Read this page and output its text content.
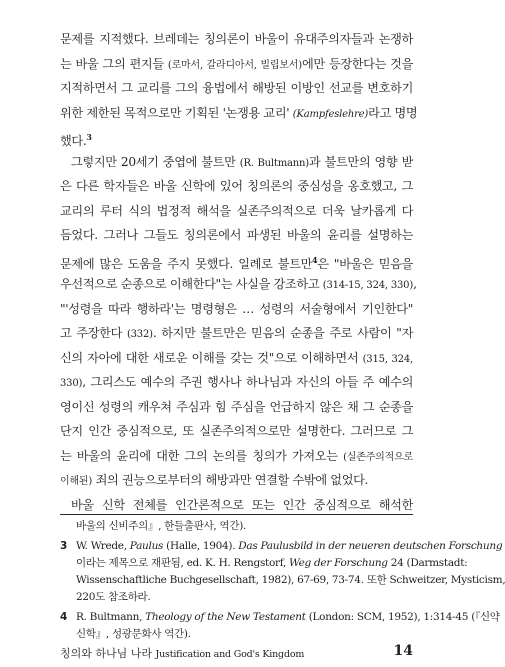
문제를 지적했다. 브레데는 칭의론이 바울이 유대주의자들과 논쟁하
는 바울 그의 편지들 (로마서, 갈라디아서, 빌립보서)에만 등장한다는 것을
지적하면서 그 교리를 그의 융법에서 해방된 이방인 선교를 변호하기
위한 제한된 목적으로만 기획된 '논쟁용 교리' (Kampfeslehre)라고 명명
했다.$^3$
그렇지만 20세기 중엽에 불트만 (R. Bultmann)과 불트만의 영향 받
은 다른 학자들은 바울 신학에 있어 칭의론의 중심성을 옹호했고, 그
교리의 루터 식의 법정적 해석을 실존주의적으로 더욱 날카롭게 다
듬었다. 그러나 그들도 칭의론에서 파생된 바울의 윤리를 설명하는
문제에 많은 도움을 주지 못했다. 일례로 불트만$^4$은 "바울은 믿음을
우선적으로 순종으로 이해한다"는 사실을 강조하고 (314-15, 324, 330),
"'성령을 따라 행하라'는 명령형은 … 성령의 서술형에서 기인한다"
고 주장한다 (332). 하지만 불트만은 믿음의 순종을 주로 사람이 "자
신의 자아에 대한 새로운 이해를 갖는 것"으로 이해하면서 (315, 324,
330), 그리스도 예수의 주권 행사나 하나님과 자신의 아들 주 예수의
영이신 성령의 캐우쳐 주심과 힘 주심을 언급하지 않은 채 그 순종을
단지 인간 중심적으로, 또 실존주의적으로만 설명한다. 그러므로 그
는 바울의 윤리에 대한 그의 논의를 칭의가 가져오는 (실존주의적으로
이해된) 죄의 권능으로부터의 해방과만 연결할 수밖에 없었다.
바울 신학 전체를 인간론적으로 또는 인간 중심적으로 해석한
바울의 신비주의』, 한들출판사, 역간).
3 W. Wrede, Paulus (Halle, 1904). Das Paulusbild in der neueren deutschen Forschung
이라는 제목으로 재판됨, ed. K. H. Rengstorf, Weg der Forschung 24 (Darmstadt:
Wissenschaftliche Buchgesellschaft, 1982), 67-69, 73-74. 또한 Schweitzer, Mysticism,
220도 참조하라.
4 R. Bultmann, Theology of the New Testament (London: SCM, 1952), 1:314-45 (『신약
신학』, 성광문화사 역간).
칭의와 하나님 나라 Justification and God's Kingdom	14
